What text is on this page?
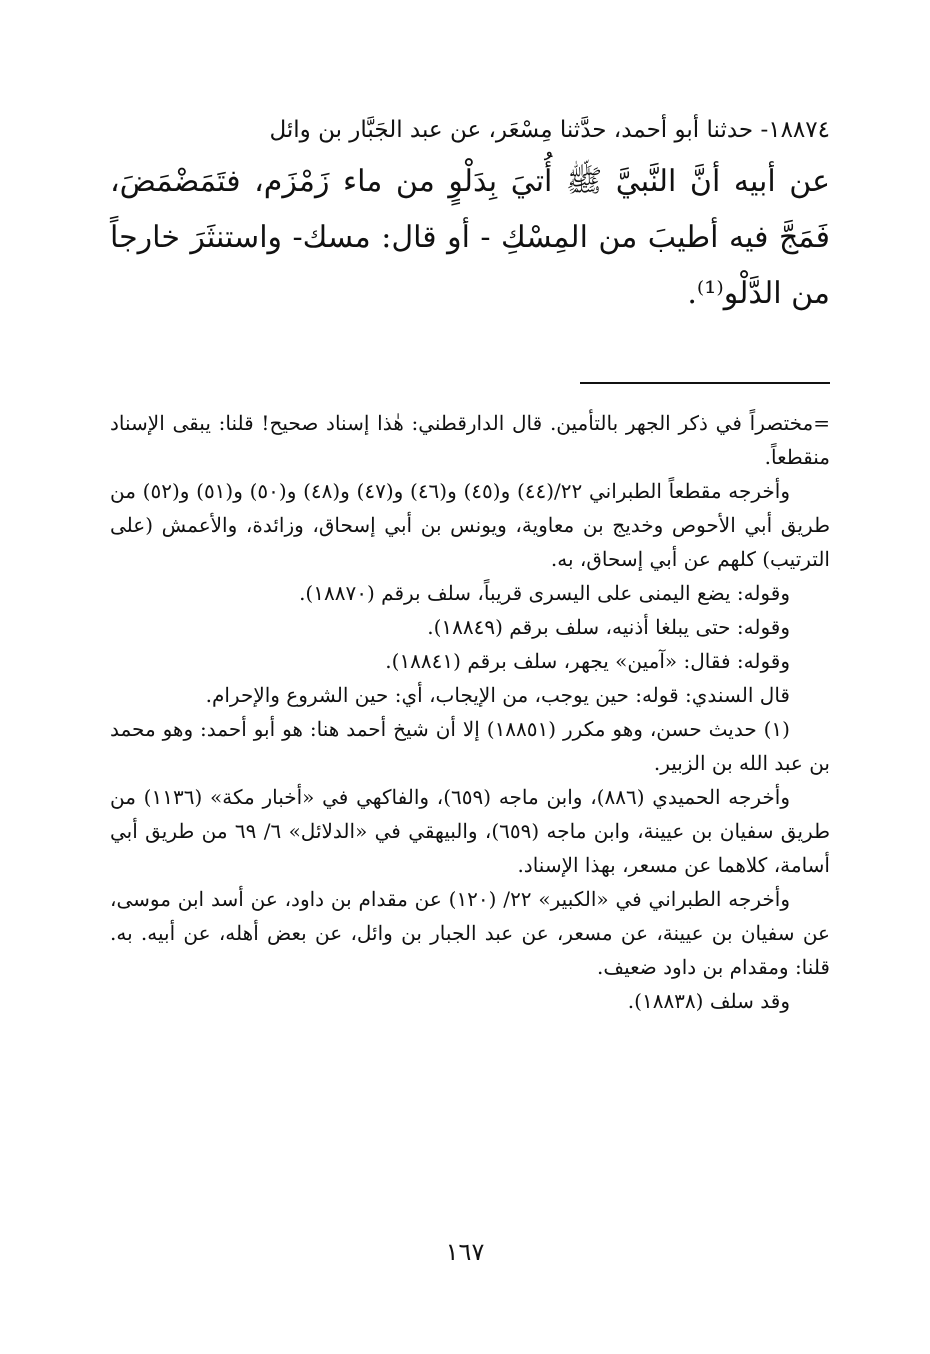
١٨٨٧٤- حدثنا أبو أحمد، حدَّثنا مِسْعَر، عن عبد الجَبَّار بن وائل

عن أبيه أنَّ النَّبيَّ ﷺ أُتيَ بِدَلْوٍ من ماء زَمْزَم، فتَمَضْمَضَ، فَمَجَّ فيه أطيبَ من المِسْكِ - أو قال: مسك- واستنثَرَ خارجاً من الدَّلْو⁽¹⁾.

=مختصراً في ذكر الجهر بالتأمين. قال الدارقطني: هٰذا إسناد صحيح! قلنا: يبقى الإسناد منقطعاً.

وأخرجه مقطعاً الطبراني ٢٢/(٤٤) و(٤٥) و(٤٦) و(٤٧) و(٤٨) و(٥٠) و(٥١) و(٥٢) من طريق أبي الأحوص وخديج بن معاوية، ويونس بن أبي إسحاق، وزائدة، والأعمش (على الترتيب) كلهم عن أبي إسحاق، به.

وقوله: يضع اليمنى على اليسرى قريباً، سلف برقم (١٨٨٧٠).

وقوله: حتى يبلغا أذنيه، سلف برقم (١٨٨٤٩).

وقوله: فقال: «آمين» يجهر، سلف برقم (١٨٨٤١).

قال السندي: قوله: حين يوجب، من الإيجاب، أي: حين الشروع والإحرام.

(١) حديث حسن، وهو مكرر (١٨٨٥١) إلا أن شيخ أحمد هنا: هو أبو أحمد: وهو محمد بن عبد الله بن الزبير.

وأخرجه الحميدي (٨٨٦)، وابن ماجه (٦٥٩)، والفاكهي في «أخبار مكة» (١١٣٦) من طريق سفيان بن عيينة، وابن ماجه (٦٥٩)، والبيهقي في «الدلائل» ٦/ ٦٩ من طريق أبي أسامة، كلاهما عن مسعر، بهذا الإسناد.

وأخرجه الطبراني في «الكبير» ٢٢/ (١٢٠) عن مقدام بن داود، عن أسد ابن موسى، عن سفيان بن عيينة، عن مسعر، عن عبد الجبار بن وائل، عن بعض أهله، عن أبيه. به. قلنا: ومقدام بن داود ضعيف.

وقد سلف (١٨٨٣٨).

١٦٧
